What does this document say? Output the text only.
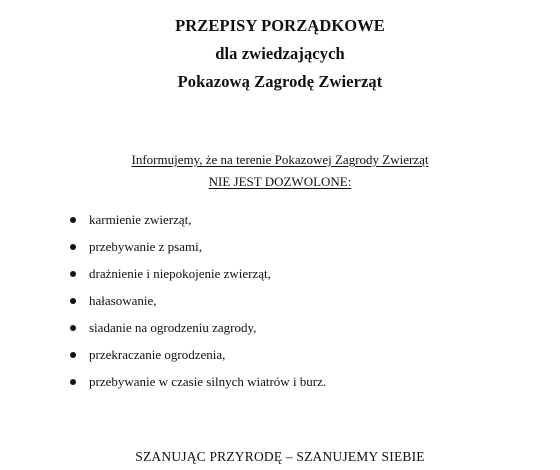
PRZEPISY PORZĄDKOWE
dla zwiedzających
Pokazową Zagrodę Zwierząt
Informujemy, że na terenie Pokazowej Zagrody Zwierząt
NIE JEST DOZWOLONE:
karmienie zwierząt,
przebywanie z psami,
drażnienie i niepokojenie zwierząt,
hałasowanie,
siadanie na ogrodzeniu zagrody,
przekraczanie ogrodzenia,
przebywanie w czasie silnych wiatrów i burz.
SZANUJĄC PRZYRODĘ – SZANUJEMY SIEBIE
